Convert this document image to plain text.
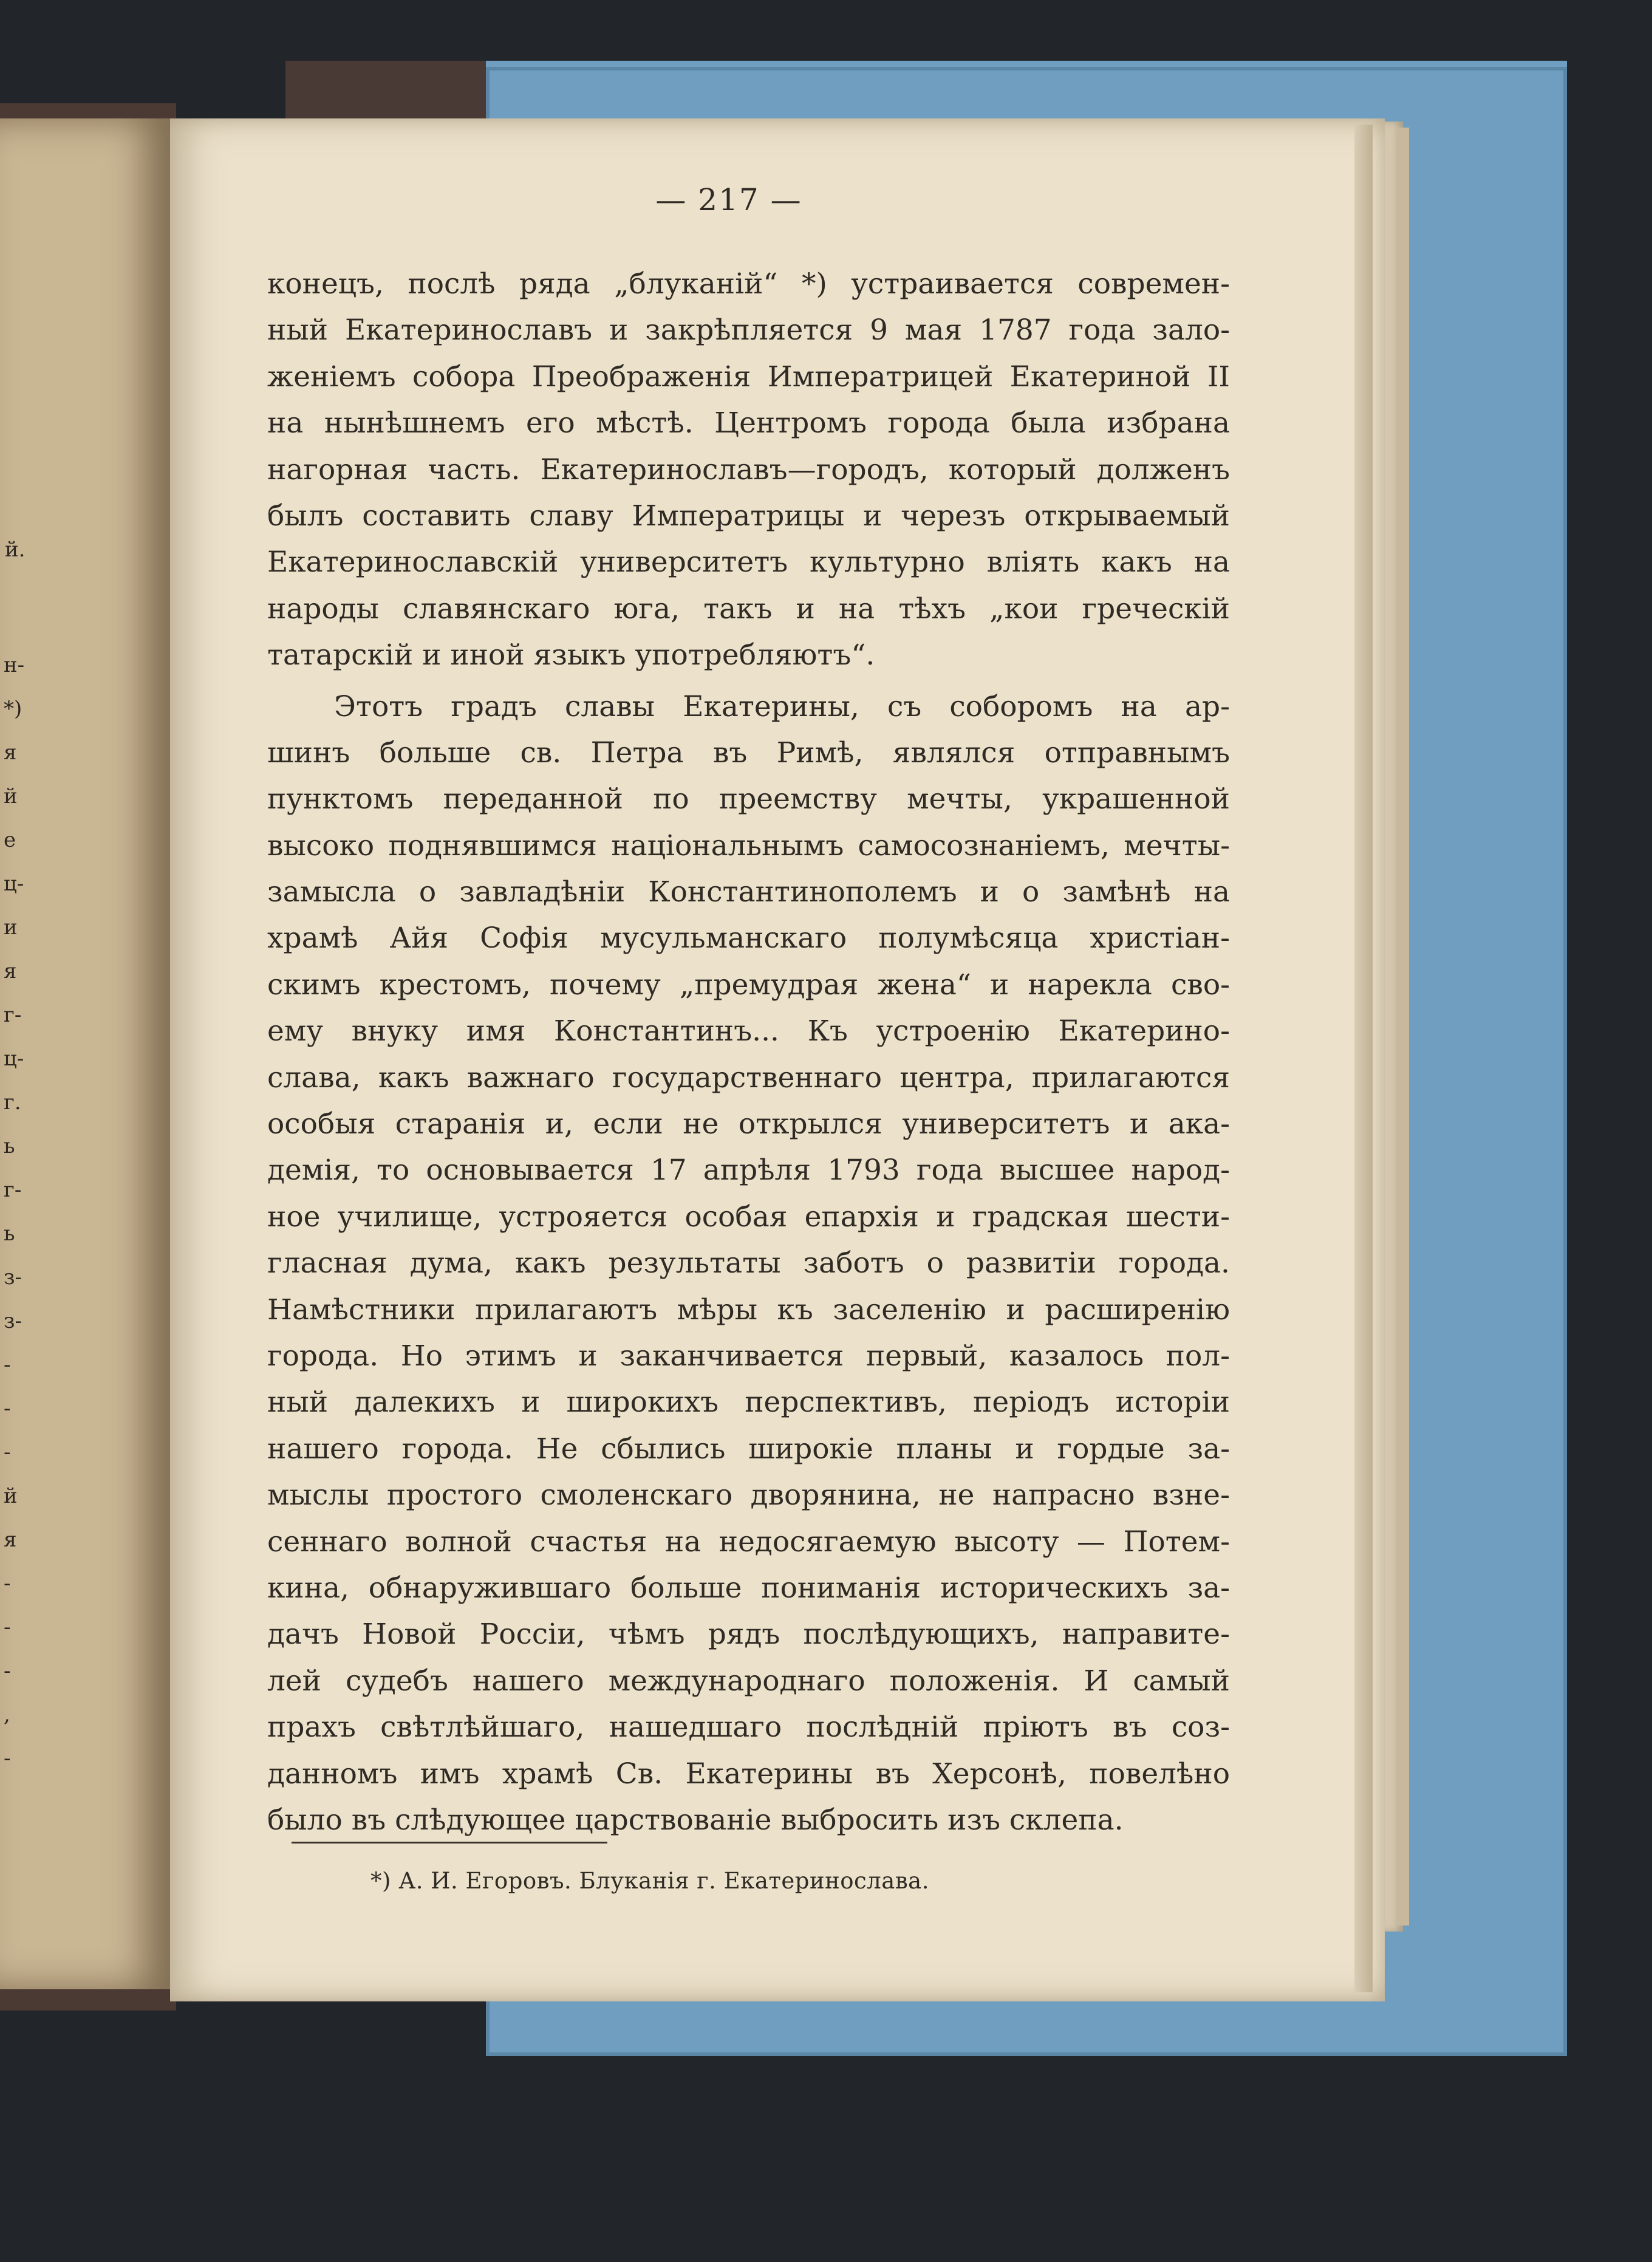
й.
н-
*)
я
й
е
ц-
и
я
г-
ц-
г.
ь
г-
ь
з-
з-
-
-
-
й
я
-
-
-
,
-
— 217 —

конецъ, послѣ ряда „блуканій“ *) устраивается современ-
ный Екатеринославъ и закрѣпляется 9 мая 1787 года зало-
женіемъ собора Преображенія Императрицей Екатериной II
на нынѣшнемъ его мѣстѣ. Центромъ города была избрана
нагорная часть. Екатеринославъ—городъ, который долженъ
былъ составить славу Императрицы и черезъ открываемый
Екатеринославскій университетъ культурно вліять какъ на
народы славянскаго юга, такъ и на тѣхъ „кои греческій
татарскій и иной языкъ употребляютъ“.

Этотъ градъ славы Екатерины, съ соборомъ на ар-
шинъ больше св. Петра въ Римѣ, являлся отправнымъ
пунктомъ переданной по преемству мечты, украшенной
высоко поднявшимся національнымъ самосознаніемъ, мечты-
замысла о завладѣніи Константинополемъ и о замѣнѣ на
храмѣ Айя Софія мусульманскаго полумѣсяца христіан-
скимъ крестомъ, почему „премудрая жена“ и нарекла сво-
ему внуку имя Константинъ... Къ устроенію Екатерино-
слава, какъ важнаго государственнаго центра, прилагаются
особыя старанія и, если не открылся университетъ и ака-
демія, то основывается 17 апрѣля 1793 года высшее народ-
ное училище, устрояется особая епархія и градская шести-
гласная дума, какъ результаты заботъ о развитіи города.
Намѣстники прилагаютъ мѣры къ заселенію и расширенію
города. Но этимъ и заканчивается первый, казалось пол-
ный далекихъ и широкихъ перспективъ, періодъ исторіи
нашего города. Не сбылись широкіе планы и гордые за-
мыслы простого смоленскаго дворянина, не напрасно взне-
сеннаго волной счастья на недосягаемую высоту — Потем-
кина, обнаружившаго больше пониманія историческихъ за-
дачъ Новой Россіи, чѣмъ рядъ послѣдующихъ, направите-
лей судебъ нашего международнаго положенія. И самый
прахъ свѣтлѣйшаго, нашедшаго послѣдній пріютъ въ соз-
данномъ имъ храмѣ Св. Екатерины въ Херсонѣ, повелѣно
было въ слѣдующее царствованіе выбросить изъ склепа.

*) А. И. Егоровъ. Блуканія г. Екатеринослава.
